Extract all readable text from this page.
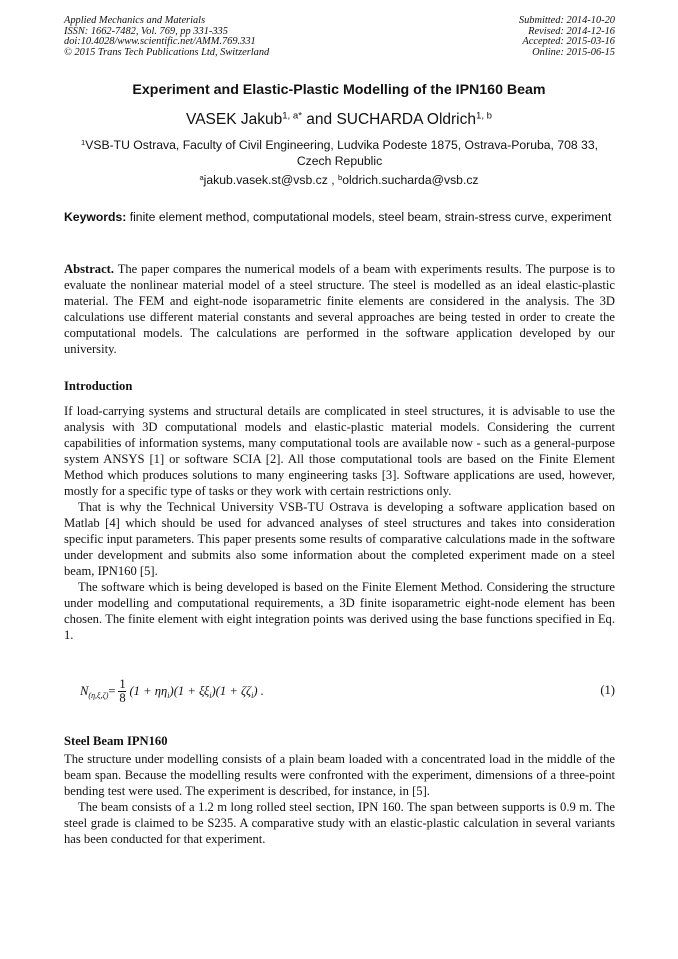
Applied Mechanics and Materials
ISSN: 1662-7482, Vol. 769, pp 331-335
doi:10.4028/www.scientific.net/AMM.769.331
© 2015 Trans Tech Publications Ltd, Switzerland
Submitted: 2014-10-20
Revised: 2014-12-16
Accepted: 2015-03-16
Online: 2015-06-15
Experiment and Elastic-Plastic Modelling of the IPN160 Beam
VASEK Jakub$^{1, a*}$ and SUCHARDA Oldrich$^{1, b}$
$^1$VSB-TU Ostrava, Faculty of Civil Engineering, Ludvika Podeste 1875, Ostrava-Poruba, 708 33, Czech Republic
$^a$jakub.vasek.st@vsb.cz , $^b$oldrich.sucharda@vsb.cz
Keywords: finite element method, computational models, steel beam, strain-stress curve, experiment

Abstract. The paper compares the numerical models of a beam with experiments results. The purpose is to evaluate the nonlinear material model of a steel structure. The steel is modelled as an ideal elastic-plastic material. The FEM and eight-node isoparametric finite elements are considered in the analysis. The 3D calculations use different material constants and several approaches are being tested in order to create the computational models. The calculations are performed in the software application developed by our university.

Introduction

If load-carrying systems and structural details are complicated in steel structures, it is advisable to use the analysis with 3D computational models and elastic-plastic material models. Considering the current capabilities of information systems, many computational tools are available now - such as a general-purpose system ANSYS [1] or software SCIA [2]. All those computational tools are based on the Finite Element Method which produces solutions to many engineering tasks [3]. Software applications are used, however, mostly for a specific type of tasks or they work with certain restrictions only.

That is why the Technical University VSB-TU Ostrava is developing a software application based on Matlab [4] which should be used for advanced analyses of steel structures and takes into consideration specific input parameters. This paper presents some results of comparative calculations made in the software under development and submits also some information about the completed experiment made on a steel beam, IPN160 [5].

The software which is being developed is based on the Finite Element Method. Considering the structure under modelling and computational requirements, a 3D finite isoparametric eight-node element has been chosen. The finite element with eight integration points was derived using the base functions specified in Eq. 1.

N $(\eta,\xi,\zeta) = \frac{1}{8} (1 + \eta\eta$ i )(1 + ξξ i )(1 + ζζ i ) .	(1)
Steel Beam IPN160

The structure under modelling consists of a plain beam loaded with a concentrated load in the middle of the beam span. Because the modelling results were confronted with the experiment, dimensions of a three-point bending test were used. The experiment is described, for instance, in [5].

The beam consists of a 1.2 m long rolled steel section, IPN 160. The span between supports is 0.9 m. The steel grade is claimed to be S235. A comparative study with an elastic-plastic calculation in several variants has been conducted for that experiment.
